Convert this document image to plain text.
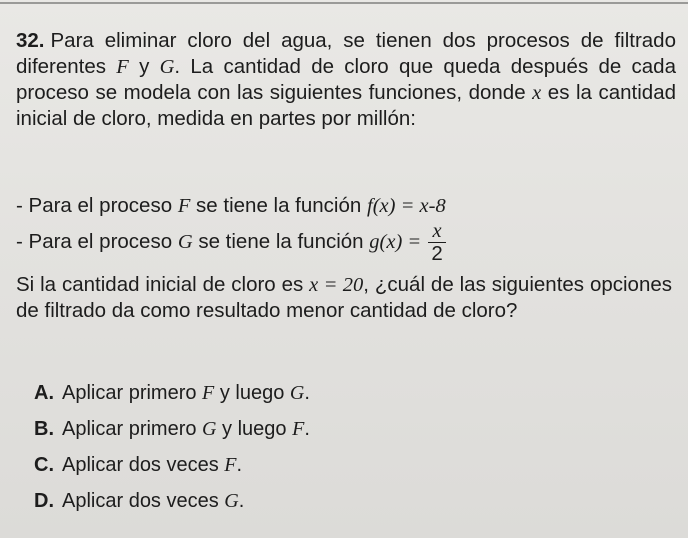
32. Para eliminar cloro del agua, se tienen dos procesos de filtrado diferentes F y G. La cantidad de cloro que queda después de cada proceso se modela con las siguientes funciones, donde x es la cantidad inicial de cloro, medida en partes por millón:
- Para el proceso F se tiene la función f(x) = x-8
- Para el proceso G se tiene la función $g(x) = \frac{x}{2}$
Si la cantidad inicial de cloro es x = 20, ¿cuál de las siguientes opciones de filtrado da como resultado menor cantidad de cloro?
A. Aplicar primero F y luego G.
B. Aplicar primero G y luego F.
C. Aplicar dos veces F.
D. Aplicar dos veces G.
